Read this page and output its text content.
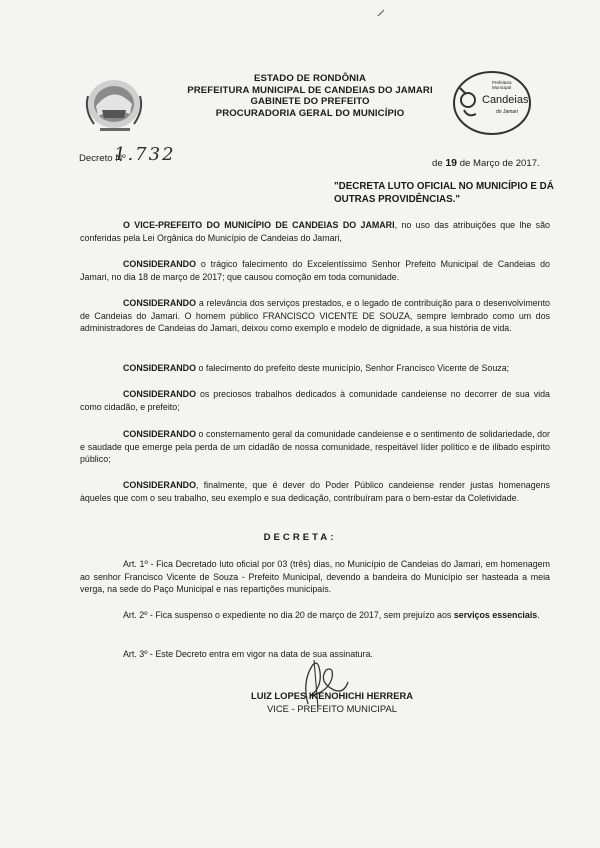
ESTADO DE RONDÔNIA
PREFEITURA MUNICIPAL DE CANDEIAS DO JAMARI
GABINETE DO PREFEITO
PROCURADORIA GERAL DO MUNICÍPIO
Prefeitura Municipal
Candeias
do Jamari
Decreto Nº
1.732	de 19 de Março de 2017.
"DECRETA LUTO OFICIAL NO MUNICÍPIO E DÁ OUTRAS PROVIDÊNCIAS."

O VICE-PREFEITO DO MUNICÍPIO DE CANDEIAS DO JAMARI, no uso das atribuições que lhe são conferidas pela Lei Orgânica do Município de Candeias do Jamari,

CONSIDERANDO o trágico falecimento do Excelentíssimo Senhor Prefeito Municipal de Candeias do Jamari, no dia 18 de março de 2017; que causou comoção em toda comunidade.

CONSIDERANDO a relevância dos serviços prestados, e o legado de contribuição para o desenvolvimento de Candeias do Jamari. O homem público FRANCISCO VICENTE DE SOUZA, sempre lembrado como um dos administradores de Candeias do Jamari, deixou como exemplo e modelo de dignidade, a sua história de vida.

CONSIDERANDO o falecimento do prefeito deste município, Senhor Francisco Vicente de Souza;

CONSIDERANDO os preciosos trabalhos dedicados à comunidade candeiense no decorrer de sua vida como cidadão, e prefeito;

CONSIDERANDO o consternamento geral da comunidade candeiense e o sentimento de solidariedade, dor e saudade que emerge pela perda de um cidadão de nossa comunidade, respeitável líder político e de ilibado espírito público;

CONSIDERANDO, finalmente, que é dever do Poder Público candeiense render justas homenagens àqueles que com o seu trabalho, seu exemplo e sua dedicação, contribuíram para o bem-estar da Coletividade.

DECRETA:

Art. 1º - Fica Decretado luto oficial por 03 (três) dias, no Município de Candeias do Jamari, em homenagem ao senhor Francisco Vicente de Souza - Prefeito Municipal, devendo a bandeira do Município ser hasteada a meia verga, na sede do Paço Municipal e nas repartições municipais.

Art. 2º - Fica suspenso o expediente no dia 20 de março de 2017, sem prejuízo aos serviços essenciais.

Art. 3º - Este Decreto entra em vigor na data de sua assinatura.

LUIZ LOPES IKENOHICHI HERRERA
VICE - PREFEITO MUNICIPAL
